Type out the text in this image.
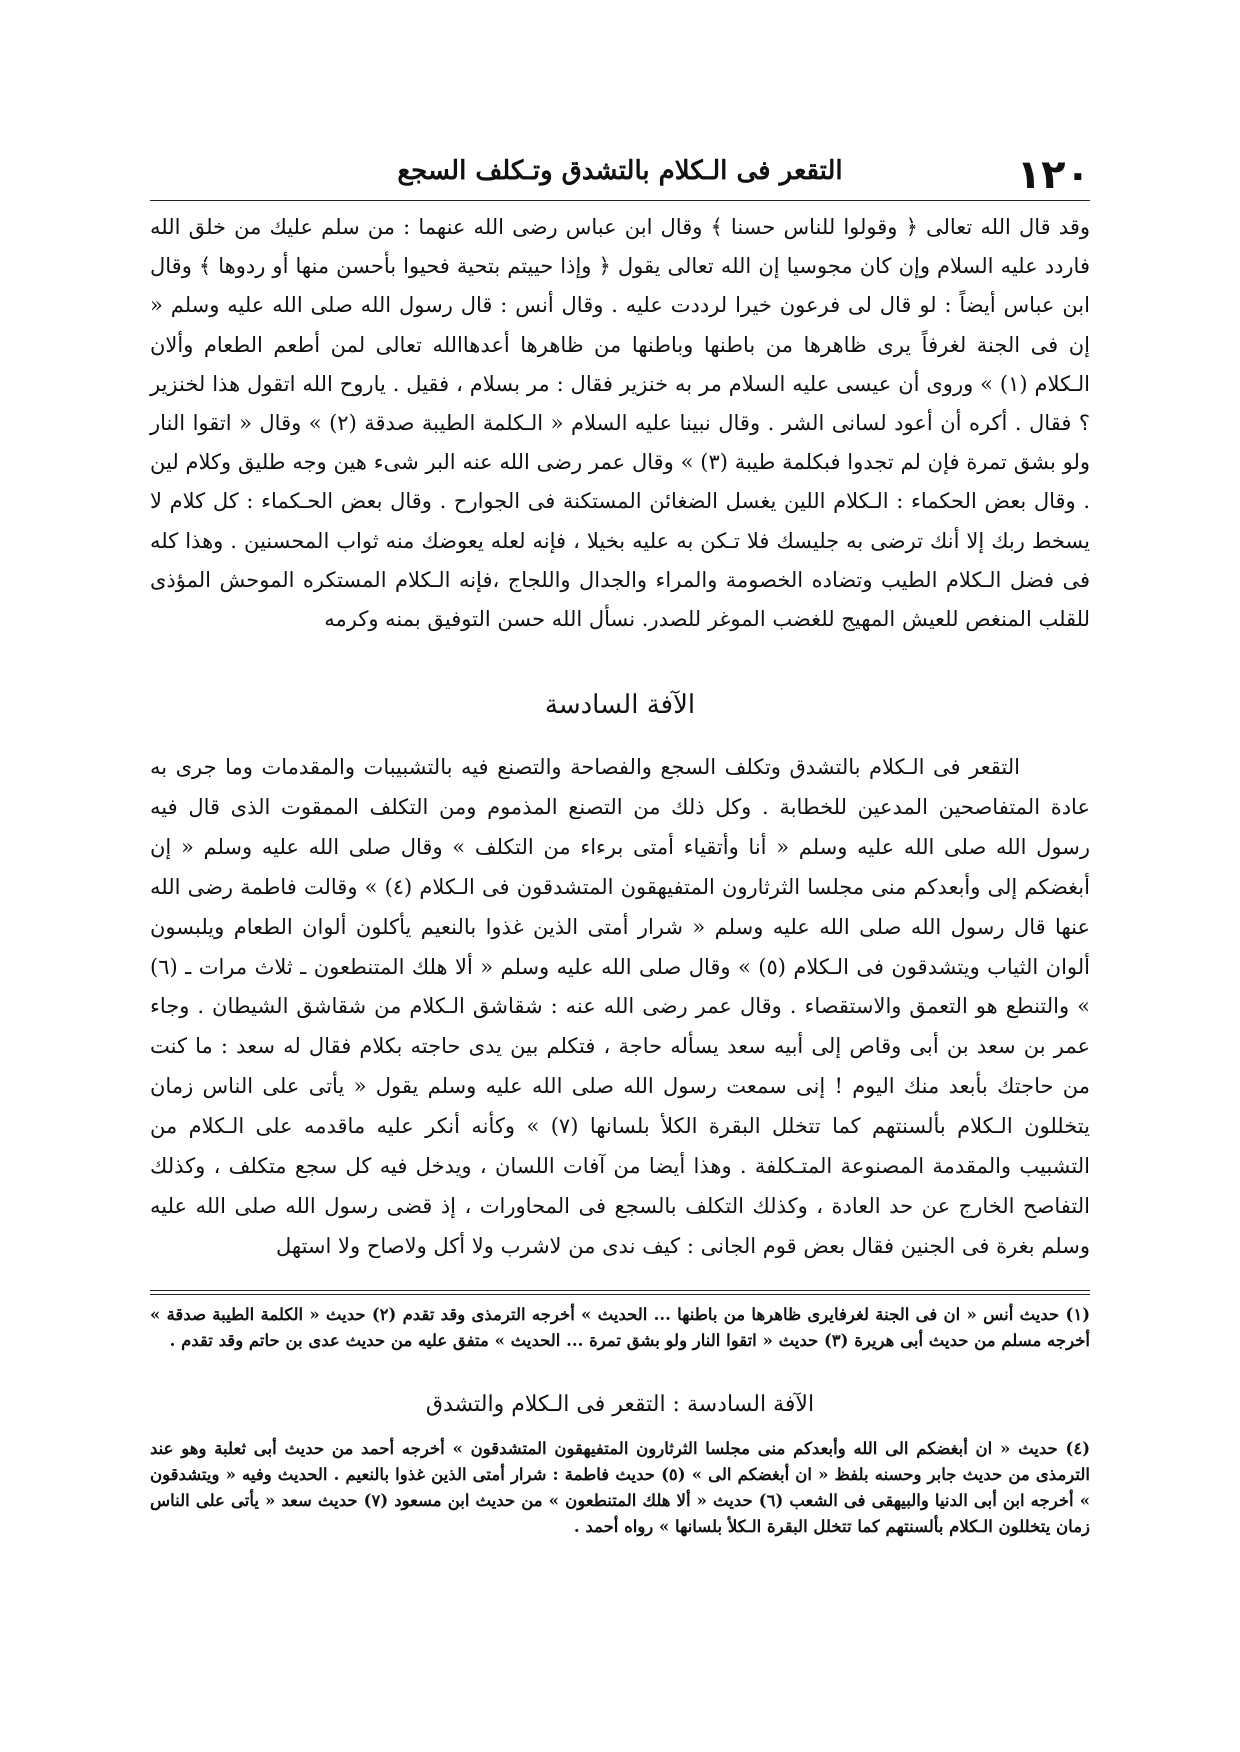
١٢٠
التقعر فى الـكلام بالتشدق وتـكلف السجع

وقد قال الله تعالى ﴿ وقولوا للناس حسنا ﴾ وقال ابن عباس رضى الله عنهما : من سلم عليك من خلق الله فاردد عليه السلام وإن كان مجوسيا إن الله تعالى يقول ﴿ وإذا حييتم بتحية فحيوا بأحسن منها أو ردوها ﴾ وقال ابن عباس أيضاً : لو قال لى فرعون خيرا لرددت عليه . وقال أنس : قال رسول الله صلى الله عليه وسلم « إن فى الجنة لغرفاً يرى ظاهرها من باطنها وباطنها من ظاهرها أعدهاالله تعالى لمن أطعم الطعام وألان الـكلام (١) » وروى أن عيسى عليه السلام مر به خنزير فقال : مر بسلام ، فقيل . ياروح الله اتقول هذا لخنزير ؟ فقال . أكره أن أعود لسانى الشر . وقال نبينا عليه السلام « الـكلمة الطيبة صدقة (٢) » وقال « اتقوا النار ولو بشق تمرة فإن لم تجدوا فبكلمة طيبة (٣) » وقال عمر رضى الله عنه البر شىء هين وجه طليق وكلام لين . وقال بعض الحكماء : الـكلام اللين يغسل الضغائن المستكنة فى الجوارح . وقال بعض الحـكماء : كل كلام لا يسخط ربك إلا أنك ترضى به جليسك فلا تـكن به عليه بخيلا ، فإنه لعله يعوضك منه ثواب المحسنين . وهذا كله فى فضل الـكلام الطيب وتضاده الخصومة والمراء والجدال واللجاج ،فإنه الـكلام المستكره الموحش المؤذى للقلب المنغص للعيش المهيج للغضب الموغر للصدر. نسأل الله حسن التوفيق بمنه وكرمه

الآفة السادسة

التقعر فى الـكلام بالتشدق وتكلف السجع والفصاحة والتصنع فيه بالتشبيبات والمقدمات وما جرى به عادة المتفاصحين المدعين للخطابة . وكل ذلك من التصنع المذموم ومن التكلف الممقوت الذى قال فيه رسول الله صلى الله عليه وسلم « أنا وأتقياء أمتى برءاء من التكلف » وقال صلى الله عليه وسلم « إن أبغضكم إلى وأبعدكم منى مجلسا الثرثارون المتفيهقون المتشدقون فى الـكلام (٤) » وقالت فاطمة رضى الله عنها قال رسول الله صلى الله عليه وسلم « شرار أمتى الذين غذوا بالنعيم يأكلون ألوان الطعام ويلبسون ألوان الثياب ويتشدقون فى الـكلام (٥) » وقال صلى الله عليه وسلم « ألا هلك المتنطعون ـ ثلاث مرات ـ (٦) » والتنطع هو التعمق والاستقصاء . وقال عمر رضى الله عنه : شقاشق الـكلام من شقاشق الشيطان . وجاء عمر بن سعد بن أبى وقاص إلى أبيه سعد يسأله حاجة ، فتكلم بين يدى حاجته بكلام فقال له سعد : ما كنت من حاجتك بأبعد منك اليوم ! إنى سمعت رسول الله صلى الله عليه وسلم يقول « يأتى على الناس زمان يتخللون الـكلام بألسنتهم كما تتخلل البقرة الكلأ بلسانها (٧) » وكأنه أنكر عليه ماقدمه على الـكلام من التشبيب والمقدمة المصنوعة المتـكلفة . وهذا أيضا من آفات اللسان ، ويدخل فيه كل سجع متكلف ، وكذلك التفاصح الخارج عن حد العادة ، وكذلك التكلف بالسجع فى المحاورات ، إذ قضى رسول الله صلى الله عليه وسلم بغرة فى الجنين فقال بعض قوم الجانى : كيف ندى من لاشرب ولا أكل ولاصاح ولا استهل

(١) حديث أنس « ان فى الجنة لغرفايرى ظاهرها من باطنها ... الحديث » أخرجه الترمذى وقد تقدم (٢) حديث « الكلمة الطيبة صدقة » أخرجه مسلم من حديث أبى هريرة (٣) حديث « اتقوا النار ولو بشق تمرة ... الحديث » متفق عليه من حديث عدى بن حاتم وقد تقدم .

الآفة السادسة : التقعر فى الـكلام والتشدق

(٤) حديث « ان أبغضكم الى الله وأبعدكم منى مجلسا الثرثارون المتفيهقون المتشدقون » أخرجه أحمد من حديث أبى ثعلبة وهو عند الترمذى من حديث جابر وحسنه بلفظ « ان أبغضكم الى » (٥) حديث فاطمة : شرار أمتى الذين غذوا بالنعيم . الحديث وفيه « ويتشدقون » أخرجه ابن أبى الدنيا والبيهقى فى الشعب (٦) حديث « ألا هلك المتنطعون » من حديث ابن مسعود (٧) حديث سعد « يأتى على الناس زمان يتخللون الـكلام بألسنتهم كما تتخلل البقرة الـكلأ بلسانها » رواه أحمد .
